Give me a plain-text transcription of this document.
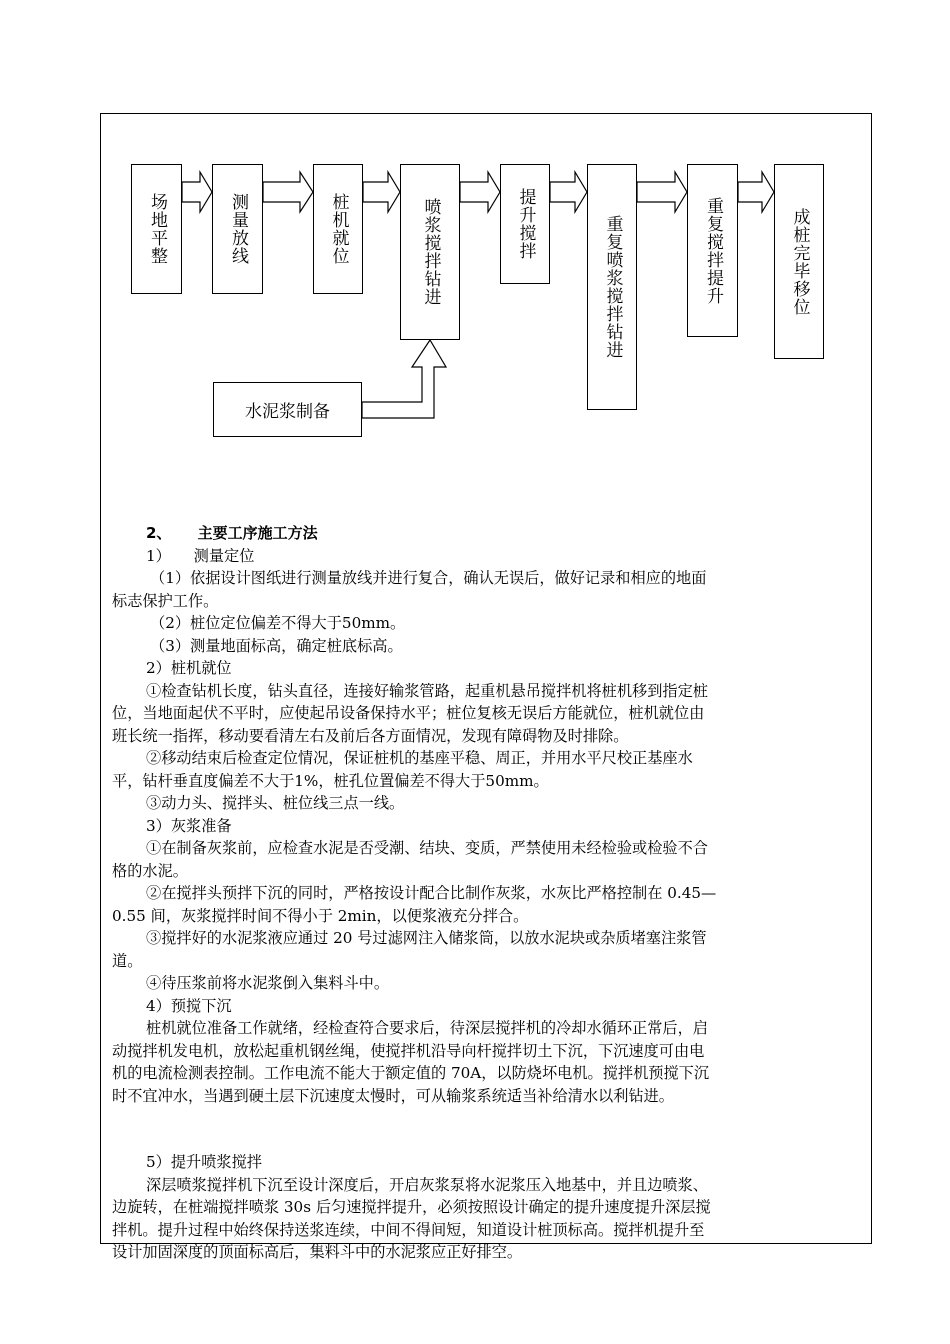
场地平整	测量放线	桩机就位	喷浆搅拌钻进	提升搅拌	重复喷浆搅拌钻进	重复搅拌提升	成桩完毕移位
水泥浆制备

2、 主要工序施工方法

1）　　测量定位

（1）依据设计图纸进行测量放线并进行复合，确认无误后，做好记录和相应的地面

标志保护工作。

（2）桩位定位偏差不得大于50mm。

（3）测量地面标高，确定桩底标高。

2）桩机就位

①检查钻机长度，钻头直径，连接好输浆管路，起重机悬吊搅拌机将桩机移到指定桩

位，当地面起伏不平时，应使起吊设备保持水平；桩位复核无误后方能就位，桩机就位由

班长统一指挥，移动要看清左右及前后各方面情况，发现有障碍物及时排除。

②移动结束后检查定位情况，保证桩机的基座平稳、周正，并用水平尺校正基座水

平，钻杆垂直度偏差不大于1%，桩孔位置偏差不得大于50mm。

③动力头、搅拌头、桩位线三点一线。

3）灰浆准备

①在制备灰浆前，应检查水泥是否受潮、结块、变质，严禁使用未经检验或检验不合

格的水泥。

②在搅拌头预拌下沉的同时，严格按设计配合比制作灰浆，水灰比严格控制在 0.45—

0.55 间，灰浆搅拌时间不得小于 2min，以便浆液充分拌合。

③搅拌好的水泥浆液应通过 20 号过滤网注入储浆筒，以放水泥块或杂质堵塞注浆管

道。

④待压浆前将水泥浆倒入集料斗中。

4）预搅下沉

桩机就位准备工作就绪，经检查符合要求后，待深层搅拌机的冷却水循环正常后，启

动搅拌机发电机，放松起重机钢丝绳，使搅拌机沿导向杆搅拌切土下沉，下沉速度可由电

机的电流检测表控制。工作电流不能大于额定值的 70A，以防烧坏电机。搅拌机预搅下沉

时不宜冲水，当遇到硬土层下沉速度太慢时，可从输浆系统适当补给清水以利钻进。

5）提升喷浆搅拌

深层喷浆搅拌机下沉至设计深度后，开启灰浆泵将水泥浆压入地基中，并且边喷浆、

边旋转，在桩端搅拌喷浆 30s 后匀速搅拌提升，必须按照设计确定的提升速度提升深层搅

拌机。提升过程中始终保持送浆连续，中间不得间短，知道设计桩顶标高。搅拌机提升至

设计加固深度的顶面标高后，集料斗中的水泥浆应正好排空。
